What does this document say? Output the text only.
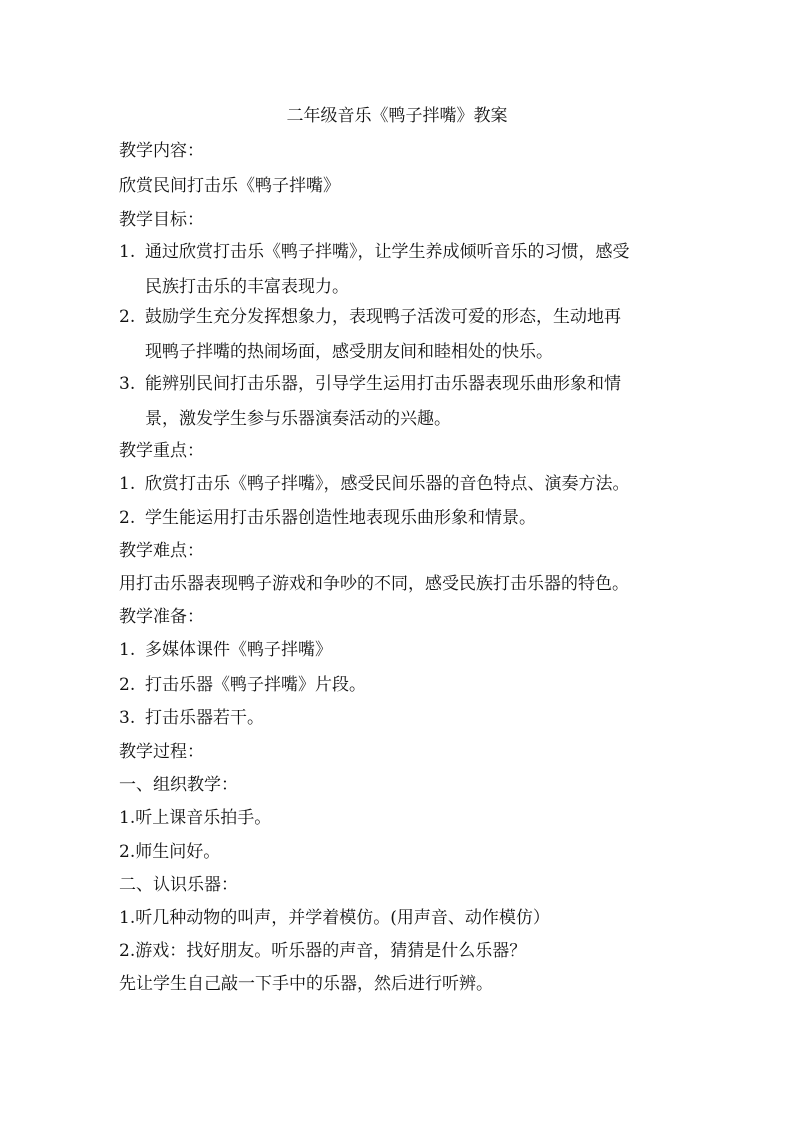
二年级音乐《鸭子拌嘴》教案
教学内容：
欣赏民间打击乐《鸭子拌嘴》
教学目标：
1. 通过欣赏打击乐《鸭子拌嘴》，让学生养成倾听音乐的习惯，感受
民族打击乐的丰富表现力。
2. 鼓励学生充分发挥想象力，表现鸭子活泼可爱的形态，生动地再
现鸭子拌嘴的热闹场面，感受朋友间和睦相处的快乐。
3. 能辨别民间打击乐器，引导学生运用打击乐器表现乐曲形象和情
景，激发学生参与乐器演奏活动的兴趣。
教学重点：
1. 欣赏打击乐《鸭子拌嘴》，感受民间乐器的音色特点、演奏方法。
2. 学生能运用打击乐器创造性地表现乐曲形象和情景。
教学难点：
用打击乐器表现鸭子游戏和争吵的不同，感受民族打击乐器的特色。
教学准备：
1. 多媒体课件《鸭子拌嘴》
2. 打击乐器《鸭子拌嘴》片段。
3. 打击乐器若干。
教学过程：
一、组织教学：
1.听上课音乐拍手。
2.师生问好。
二、认识乐器：
1.听几种动物的叫声，并学着模仿。(用声音、动作模仿）
2.游戏：找好朋友。听乐器的声音，猜猜是什么乐器？
先让学生自己敲一下手中的乐器，然后进行听辨。
